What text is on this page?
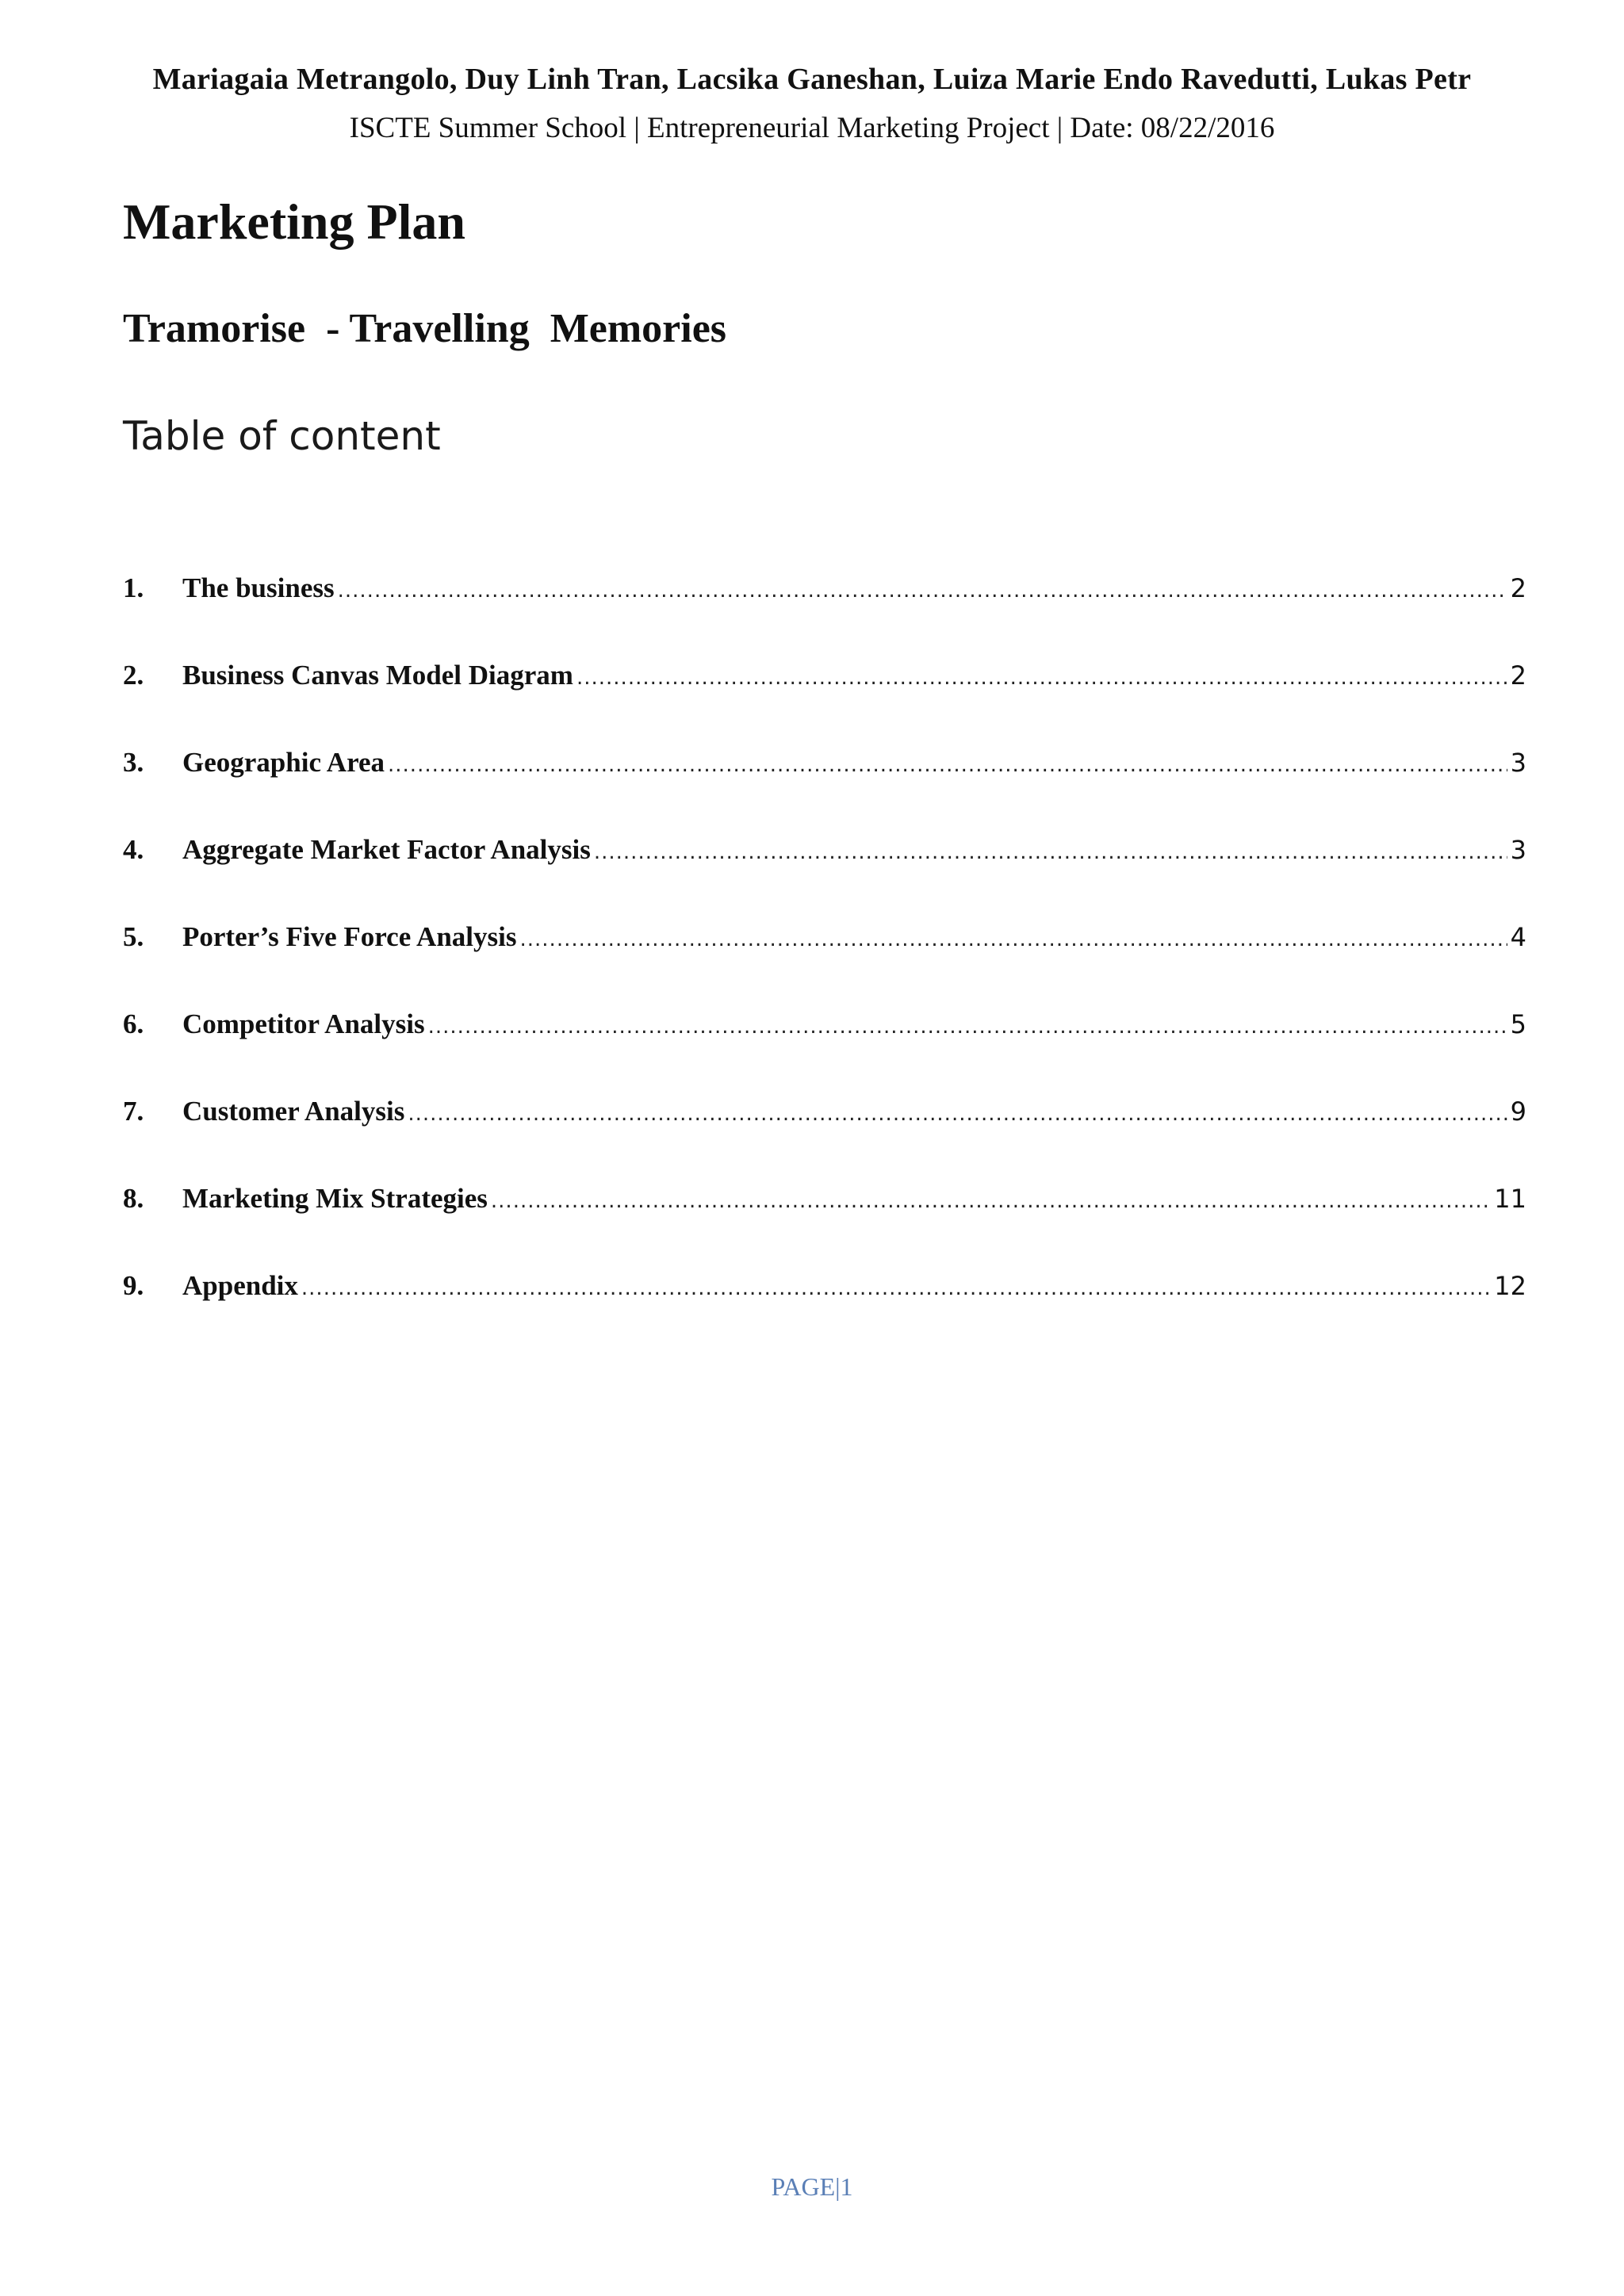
Mariagaia Metrangolo, Duy Linh Tran, Lacsika Ganeshan, Luiza Marie Endo Ravedutti, Lukas Petr
ISCTE Summer School | Entrepreneurial Marketing Project | Date: 08/22/2016
Marketing Plan
Tramorise  - Travelling  Memories
Table of content
1.	The business .....	2
2.	Business Canvas Model Diagram .....	2
3.	Geographic Area .....	3
4.	Aggregate Market Factor Analysis .....	3
5.	Porter’s Five Force Analysis .....	4
6.	Competitor Analysis .....	5
7.	Customer Analysis .....	9
8.	Marketing Mix Strategies .....	11
9.	Appendix .....	12
PAGE|1
